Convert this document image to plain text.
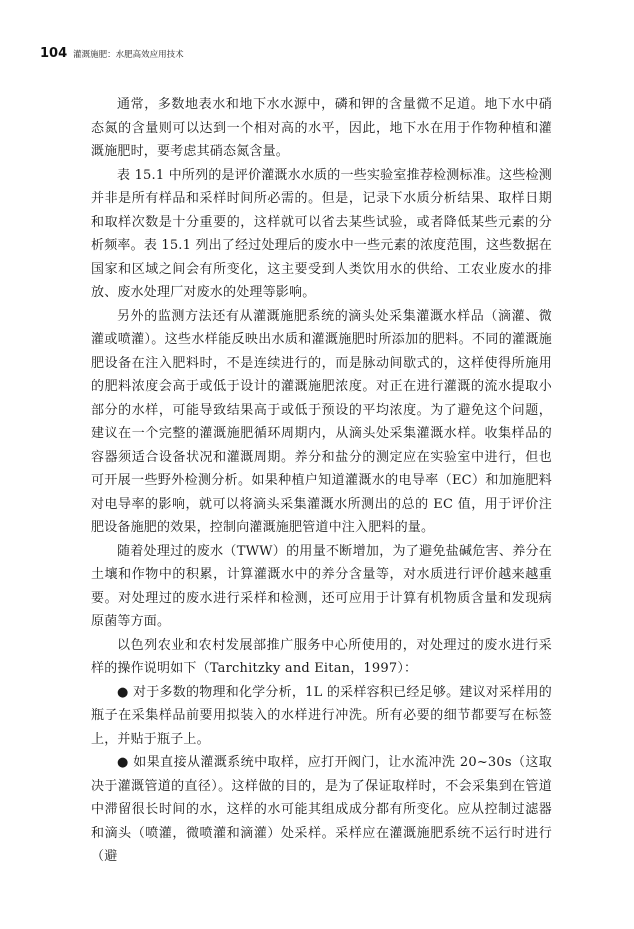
104 灌溉施肥：水肥高效应用技术

通常，多数地表水和地下水水源中，磷和钾的含量微不足道。地下水中硝态氮的含量则可以达到一个相对高的水平，因此，地下水在用于作物种植和灌溉施肥时，要考虑其硝态氮含量。

表 15.1 中所列的是评价灌溉水水质的一些实验室推荐检测标准。这些检测并非是所有样品和采样时间所必需的。但是，记录下水质分析结果、取样日期和取样次数是十分重要的，这样就可以省去某些试验，或者降低某些元素的分析频率。表 15.1 列出了经过处理后的废水中一些元素的浓度范围，这些数据在国家和区域之间会有所变化，这主要受到人类饮用水的供给、工农业废水的排放、废水处理厂对废水的处理等影响。

另外的监测方法还有从灌溉施肥系统的滴头处采集灌溉水样品（滴灌、微灌或喷灌）。这些水样能反映出水质和灌溉施肥时所添加的肥料。不同的灌溉施肥设备在注入肥料时，不是连续进行的，而是脉动间歇式的，这样使得所施用的肥料浓度会高于或低于设计的灌溉施肥浓度。对正在进行灌溉的流水提取小部分的水样，可能导致结果高于或低于预设的平均浓度。为了避免这个问题，建议在一个完整的灌溉施肥循环周期内，从滴头处采集灌溉水样。收集样品的容器须适合设备状况和灌溉周期。养分和盐分的测定应在实验室中进行，但也可开展一些野外检测分析。如果种植户知道灌溉水的电导率（EC）和加施肥料对电导率的影响，就可以将滴头采集灌溉水所测出的总的 EC 值，用于评价注肥设备施肥的效果，控制向灌溉施肥管道中注入肥料的量。

随着处理过的废水（TWW）的用量不断增加，为了避免盐碱危害、养分在土壤和作物中的积累，计算灌溉水中的养分含量等，对水质进行评价越来越重要。对处理过的废水进行采样和检测，还可应用于计算有机物质含量和发现病原菌等方面。

以色列农业和农村发展部推广服务中心所使用的，对处理过的废水进行采样的操作说明如下（Tarchitzky and Eitan，1997）：

● 对于多数的物理和化学分析，1L 的采样容积已经足够。建议对采样用的瓶子在采集样品前要用拟装入的水样进行冲洗。所有必要的细节都要写在标签上，并贴于瓶子上。

● 如果直接从灌溉系统中取样，应打开阀门，让水流冲洗 20~30s（这取决于灌溉管道的直径）。这样做的目的，是为了保证取样时，不会采集到在管道中滞留很长时间的水，这样的水可能其组成成分都有所变化。应从控制过滤器和滴头（喷灌，微喷灌和滴灌）处采样。采样应在灌溉施肥系统不运行时进行（避
